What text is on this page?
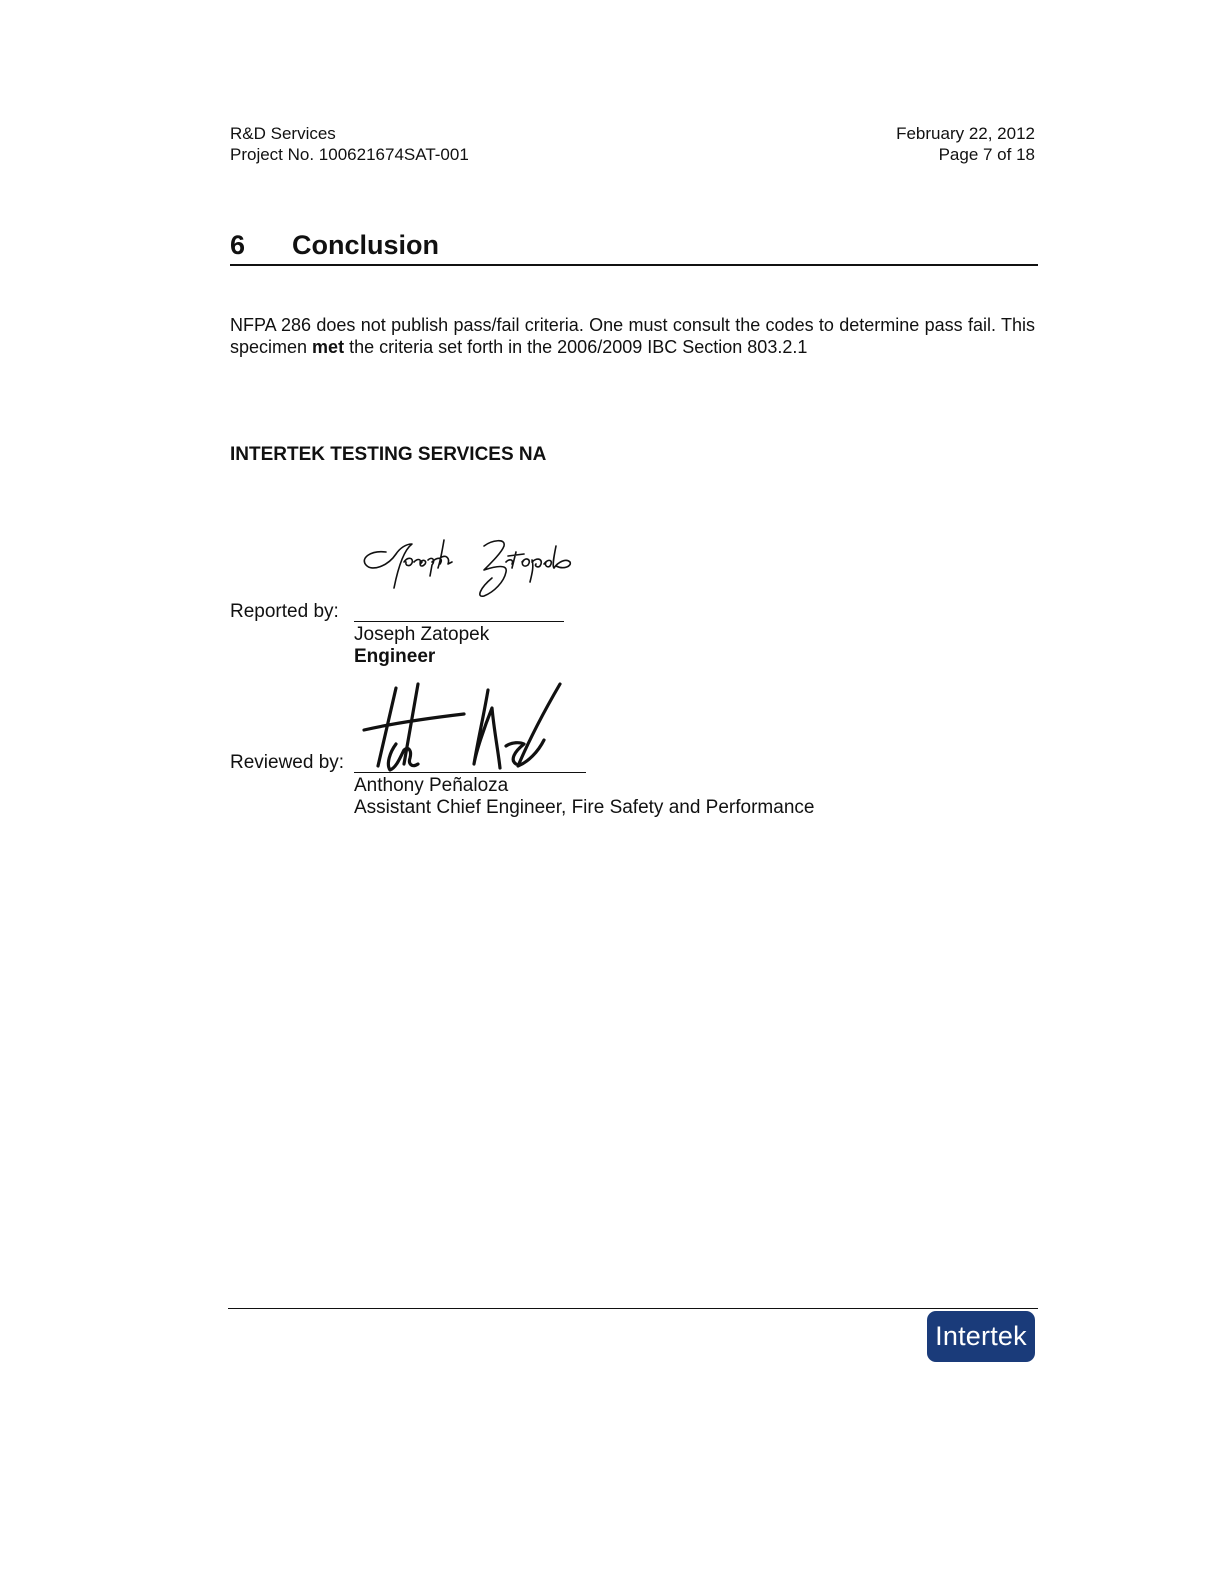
R&D Services
Project No. 100621674SAT-001
February 22, 2012
Page 7 of 18
6 Conclusion
NFPA 286 does not publish pass/fail criteria. One must consult the codes to determine pass fail. This specimen met the criteria set forth in the 2006/2009 IBC Section 803.2.1
INTERTEK TESTING SERVICES NA
Reported by:
Joseph Zatopek
Engineer
Reviewed by:
Anthony Peñaloza
Assistant Chief Engineer, Fire Safety and Performance
Intertek
